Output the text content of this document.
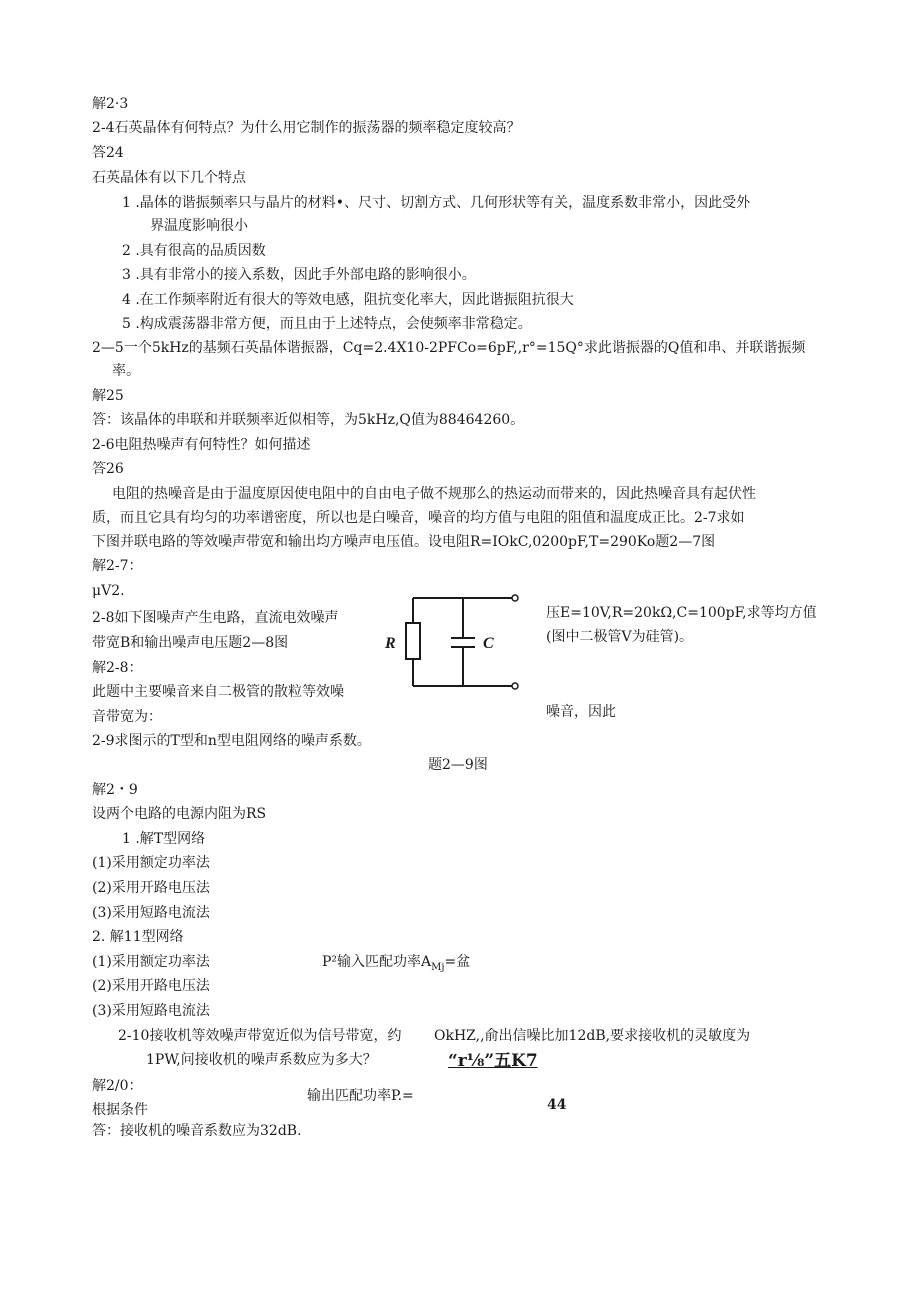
解2·3
2-4石英晶体有何特点？为什么用它制作的振荡器的频率稳定度较高？
答24
石英晶体有以下几个特点
1 .晶体的谐振频率只与晶片的材料•、尺寸、切割方式、几何形状等有关，温度系数非常小，因此受外
界温度影响很小
2 .具有很高的品质因数
3 .具有非常小的接入系数，因此手外部电路的影响很小。
4 .在工作频率附近有很大的等效电感，阻抗变化率大，因此谐振阻抗很大
5 .构成震荡器非常方便，而且由于上述特点，会使频率非常稳定。
2—5一个5kHz的基频石英晶体谐振器，Cq=2.4X10-2PFCo=6pF,,r°=15Q°求此谐振器的Q值和串、并联谐振频
率。
解25
答：该晶体的串联和并联频率近似相等，为5kHz,Q值为88464260。
2-6电阻热噪声有何特性？如何描述
答26
电阻的热噪音是由于温度原因使电阻中的自由电子做不规那么的热运动而带来的，因此热噪音具有起伏性
质，而且它具有均匀的功率谱密度，所以也是白噪音，噪音的均方值与电阻的阻值和温度成正比。2-7求如
下图并联电路的等效噪声带宽和输出均方噪声电压值。设电阻R=IOkC,0200pF,T=290Ko题2—7图
解2-7：
μV2.
2-8如下图噪声产生电路，直流电效噪声
带宽B和输出噪声电压题2—8图
解2-8：
此题中主要噪音来自二极管的散粒等效噪
音带宽为：
2-9求图示的T型和n型电阻网络的噪声系数。
压E=10V,R=20kΩ,C=100pF,求等均方值
(图中二极管V为硅管)。
噪音，因此
R	C
题2—9图
解2・9
设两个电路的电源内阻为RS
1 .解T型网络
(1)采用额定功率法
(2)采用开路电压法
(3)采用短路电流法
2. 解11型网络
(1)采用额定功率法
(2)采用开路电压法
(3)采用短路电流法
P²输入匹配功率$A_{Mj}=$盆
2-10接收机等效噪声带宽近似为信号带宽，约
1PW,问接收机的噪声系数应为多大？
OkHZ,,俞出信噪比加12dB,要求接收机的灵敏度为
“r⅛”五K7
解2/0：
输出匹配功率P.=
根据条件	44
答：接收机的噪音系数应为32dB.
